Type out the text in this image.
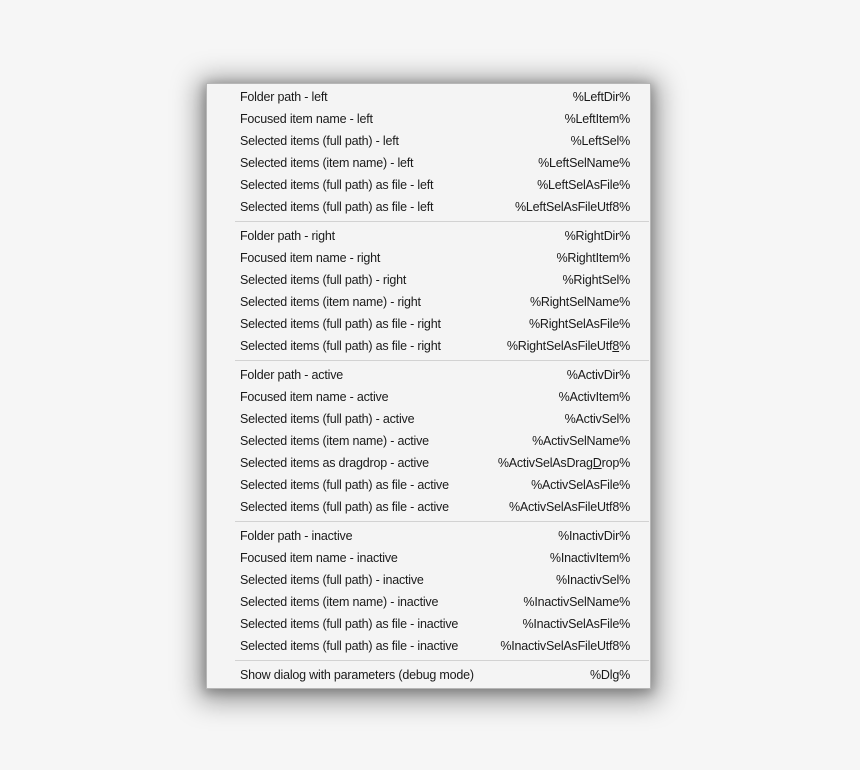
Folder path - left	%LeftDir%
Focused item name - left	%LeftItem%
Selected items (full path) - left	%LeftSel%
Selected items (item name) - left	%LeftSelName%
Selected items (full path) as file - left	%LeftSelAsFile%
Selected items (full path) as file - left	%LeftSelAsFileUtf8%
Folder path - right	%RightDir%
Focused item name - right	%RightItem%
Selected items (full path) - right	%RightSel%
Selected items (item name) - right	%RightSelName%
Selected items (full path) as file - right	%RightSelAsFile%
Selected items (full path) as file - right	%RightSelAsFileUtf8%
Folder path - active	%ActivDir%
Focused item name - active	%ActivItem%
Selected items (full path) - active	%ActivSel%
Selected items (item name) - active	%ActivSelName%
Selected items as dragdrop - active	%ActivSelAsDragDrop%
Selected items (full path) as file - active	%ActivSelAsFile%
Selected items (full path) as file - active	%ActivSelAsFileUtf8%
Folder path - inactive	%InactivDir%
Focused item name - inactive	%InactivItem%
Selected items (full path) - inactive	%InactivSel%
Selected items (item name) - inactive	%InactivSelName%
Selected items (full path) as file - inactive	%InactivSelAsFile%
Selected items (full path) as file - inactive	%InactivSelAsFileUtf8%
Show dialog with parameters (debug mode)	%Dlg%
